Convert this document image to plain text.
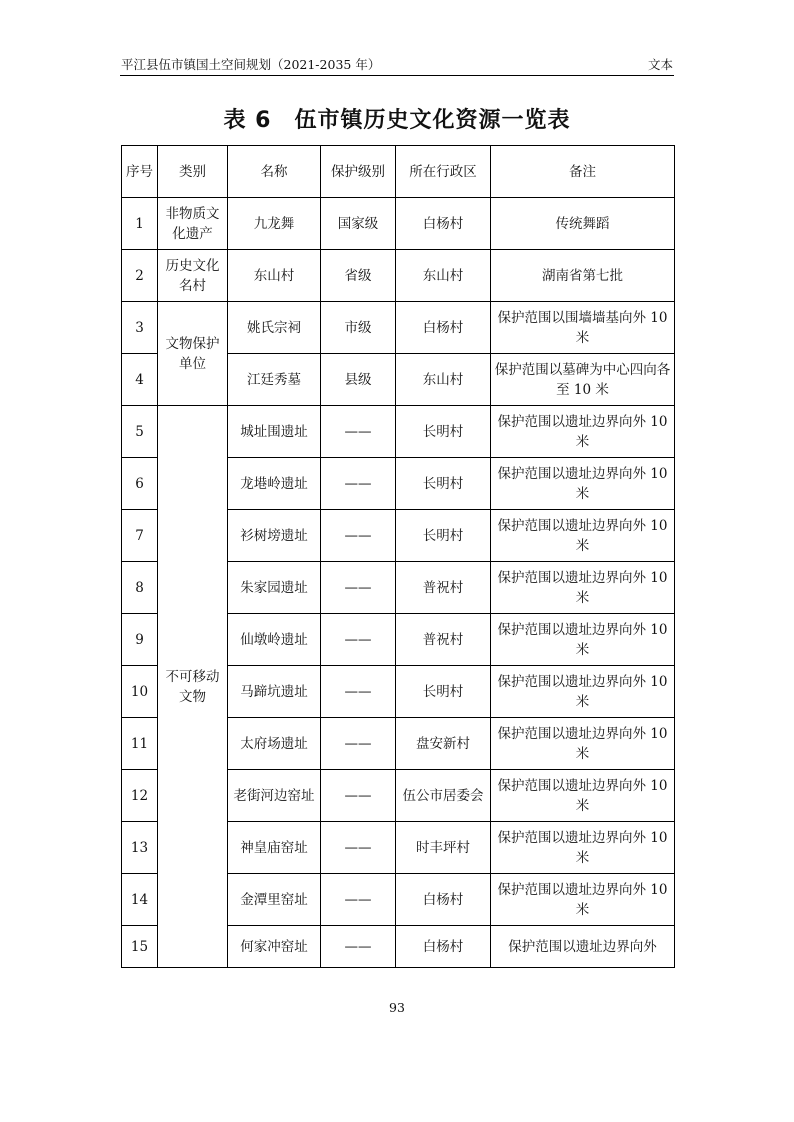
平江县伍市镇国土空间规划（2021-2035 年）	文本
表 6　伍市镇历史文化资源一览表
序号	类别	名称	保护级别	所在行政区	备注
1	非物质文化遗产	九龙舞	国家级	白杨村	传统舞蹈
2	历史文化名村	东山村	省级	东山村	湖南省第七批
3	文物保护单位	姚氏宗祠	市级	白杨村	保护范围以围墙墙基向外 10 米
4		江廷秀墓	县级	东山村	保护范围以墓碑为中心四向各至 10 米
5	不可移动文物	城址围遗址	——	长明村	保护范围以遗址边界向外 10 米
6		龙塂岭遗址	——	长明村	保护范围以遗址边界向外 10 米
7		衫树塝遗址	——	长明村	保护范围以遗址边界向外 10 米
8		朱家园遗址	——	普祝村	保护范围以遗址边界向外 10 米
9		仙墩岭遗址	——	普祝村	保护范围以遗址边界向外 10 米
10		马蹄坑遗址	——	长明村	保护范围以遗址边界向外 10 米
11		太府场遗址	——	盘安新村	保护范围以遗址边界向外 10 米
12		老街河边窑址	——	伍公市居委会	保护范围以遗址边界向外 10 米
13		神皇庙窑址	——	时丰坪村	保护范围以遗址边界向外 10 米
14		金潭里窑址	——	白杨村	保护范围以遗址边界向外 10 米
15		何家冲窑址	——	白杨村	保护范围以遗址边界向外
93
